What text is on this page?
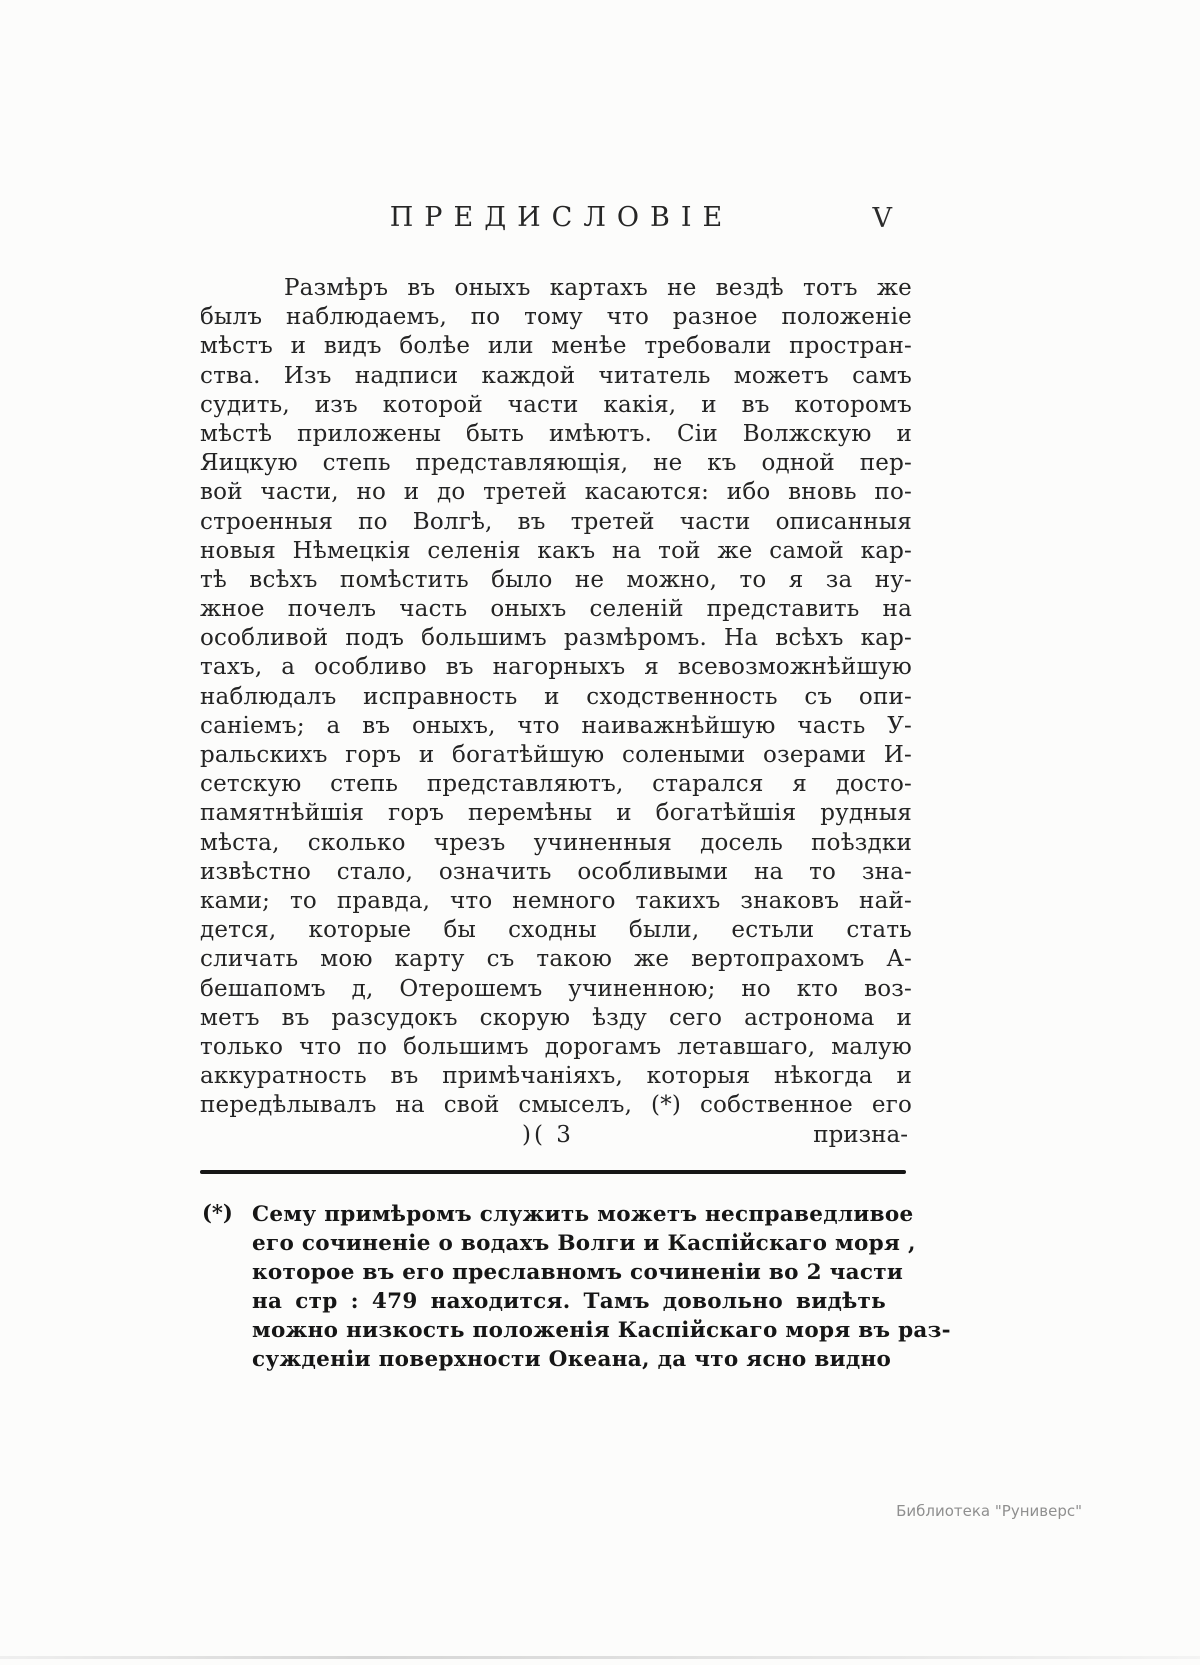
ПРЕДИСЛОВІЕ	V
Размѣръ въ оныхъ картахъ не вездѣ тотъ же
былъ наблюдаемъ, по тому что разное положеніе
мѣстъ и видъ болѣе или менѣе требовали простран-
ства. Изъ надписи каждой читатель можетъ самъ
судить, изъ которой части какія, и въ которомъ
мѣстѣ приложены быть имѣютъ. Сіи Волжскую и
Яицкую степь представляющія, не къ одной пер-
вой части, но и до третей касаются: ибо вновь по-
строенныя по Волгѣ, въ третей части описанныя
новыя Нѣмецкія селенія какъ на той же самой кар-
тѣ всѣхъ помѣстить было не можно, то я за ну-
жное почелъ часть оныхъ селеній представить на
особливой подъ большимъ размѣромъ. На всѣхъ кар-
тахъ, а особливо въ нагорныхъ я всевозможнѣйшую
наблюдалъ исправность и сходственность съ опи-
саніемъ; а въ оныхъ, что наиважнѣйшую часть У-
ральскихъ горъ и богатѣйшую солеными озерами И-
сетскую степь представляютъ, старался я досто-
памятнѣйшія горъ перемѣны и богатѣйшія рудныя
мѣста, сколько чрезъ учиненныя досель поѣздки
извѣстно стало, означить особливыми на то зна-
ками; то правда, что немного такихъ знаковъ най-
дется, которые бы сходны были, естьли стать
сличать мою карту съ такою же вертопрахомъ А-
бешапомъ д, Отерошемъ учиненною; но кто воз-
метъ въ разсудокъ скорую ѣзду сего астронома и
только что по большимъ дорогамъ летавшаго, малую
аккуратность въ примѣчаніяхъ, которыя нѣкогда и
передѣлывалъ на свой смыселъ, (*) собственное его
)( 3	призна-
(*) Сему примѣромъ служить можетъ несправедливое
его сочиненіе о водахъ Волги и Каспійскаго моря ,
которое въ его преславномъ сочиненіи во 2 части
на стр : 479 находится. Тамъ довольно видѣть
можно низкость положенія Каспійскаго моря въ раз-
сужденіи поверхности Океана, да что ясно видно
Библиотека "Руниверс"
